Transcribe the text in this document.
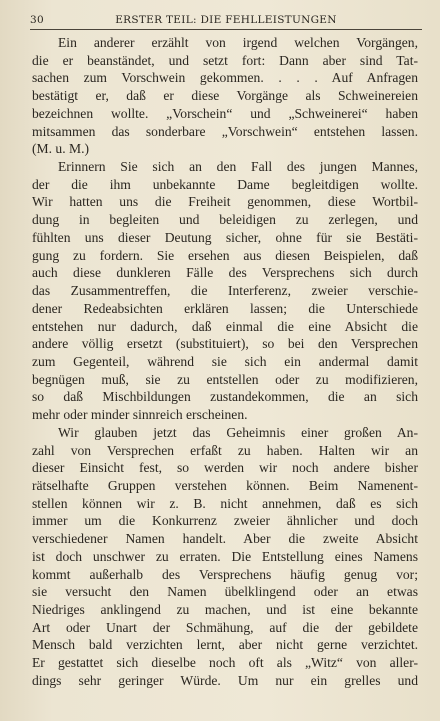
30	ERSTER TEIL: DIE FEHLLEISTUNGEN
Ein anderer erzählt von irgend welchen Vorgängen,
die er beanständet, und setzt fort: Dann aber sind Tat-
sachen zum Vorschwein gekommen. . . . Auf Anfragen
bestätigt er, daß er diese Vorgänge als Schweinereien
bezeichnen wollte. „Vorschein“ und „Schweinerei“ haben
mitsammen das sonderbare „Vorschwein“ entstehen lassen.
(M. u. M.)
Erinnern Sie sich an den Fall des jungen Mannes,
der die ihm unbekannte Dame begleitdigen wollte.
Wir hatten uns die Freiheit genommen, diese Wortbil-
dung in begleiten und beleidigen zu zerlegen, und
fühlten uns dieser Deutung sicher, ohne für sie Bestäti-
gung zu fordern. Sie ersehen aus diesen Beispielen, daß
auch diese dunkleren Fälle des Versprechens sich durch
das Zusammentreffen, die Interferenz, zweier verschie-
dener Redeabsichten erklären lassen; die Unterschiede
entstehen nur dadurch, daß einmal die eine Absicht die
andere völlig ersetzt (substituiert), so bei den Versprechen
zum Gegenteil, während sie sich ein andermal damit
begnügen muß, sie zu entstellen oder zu modifizieren,
so daß Mischbildungen zustandekommen, die an sich
mehr oder minder sinnreich erscheinen.
Wir glauben jetzt das Geheimnis einer großen An-
zahl von Versprechen erfaßt zu haben. Halten wir an
dieser Einsicht fest, so werden wir noch andere bisher
rätselhafte Gruppen verstehen können. Beim Namenent-
stellen können wir z. B. nicht annehmen, daß es sich
immer um die Konkurrenz zweier ähnlicher und doch
verschiedener Namen handelt. Aber die zweite Absicht
ist doch unschwer zu erraten. Die Entstellung eines Namens
kommt außerhalb des Versprechens häufig genug vor;
sie versucht den Namen übelklingend oder an etwas
Niedriges anklingend zu machen, und ist eine bekannte
Art oder Unart der Schmähung, auf die der gebildete
Mensch bald verzichten lernt, aber nicht gerne verzichtet.
Er gestattet sich dieselbe noch oft als „Witz“ von aller-
dings sehr geringer Würde. Um nur ein grelles und
